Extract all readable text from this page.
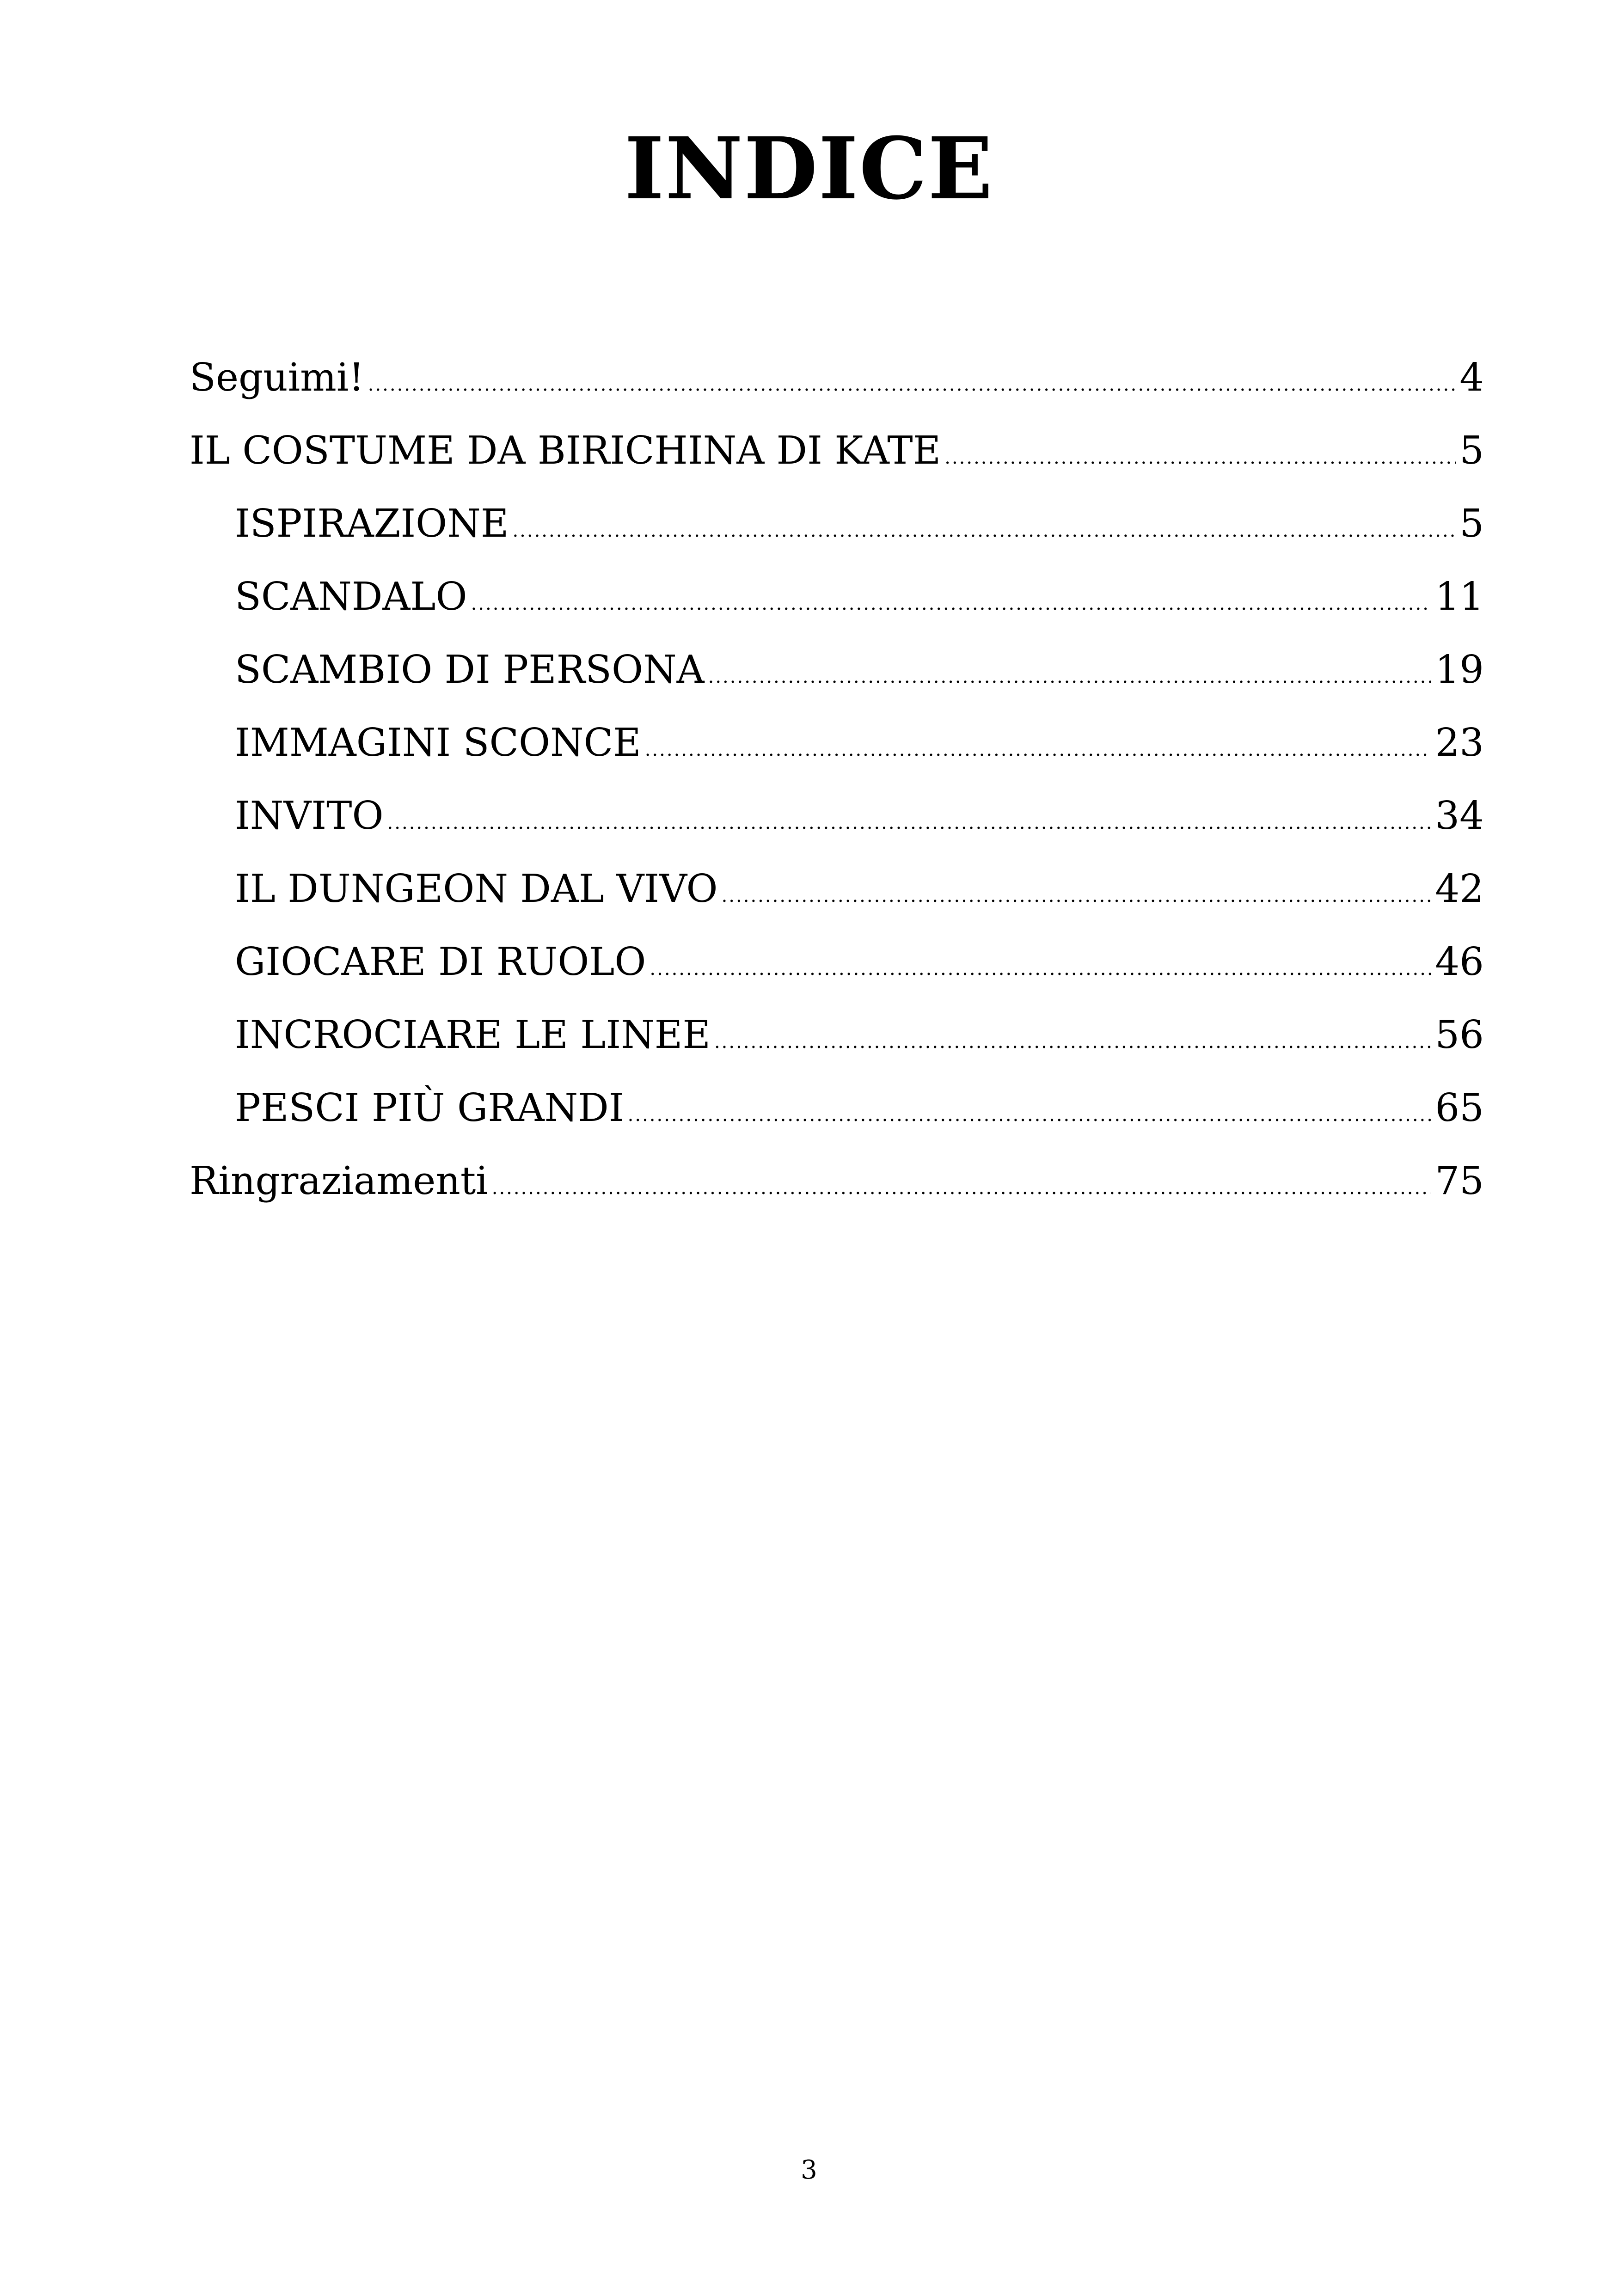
INDICE
Seguimi! .....	4
IL COSTUME DA BIRICHINA DI KATE .....	5
ISPIRAZIONE .....	5
SCANDALO .....	11
SCAMBIO DI PERSONA .....	19
IMMAGINI SCONCE .....	23
INVITO .....	34
IL DUNGEON DAL VIVO .....	42
GIOCARE DI RUOLO .....	46
INCROCIARE LE LINEE .....	56
PESCI PIÙ GRANDI .....	65
Ringraziamenti .....	75
3
